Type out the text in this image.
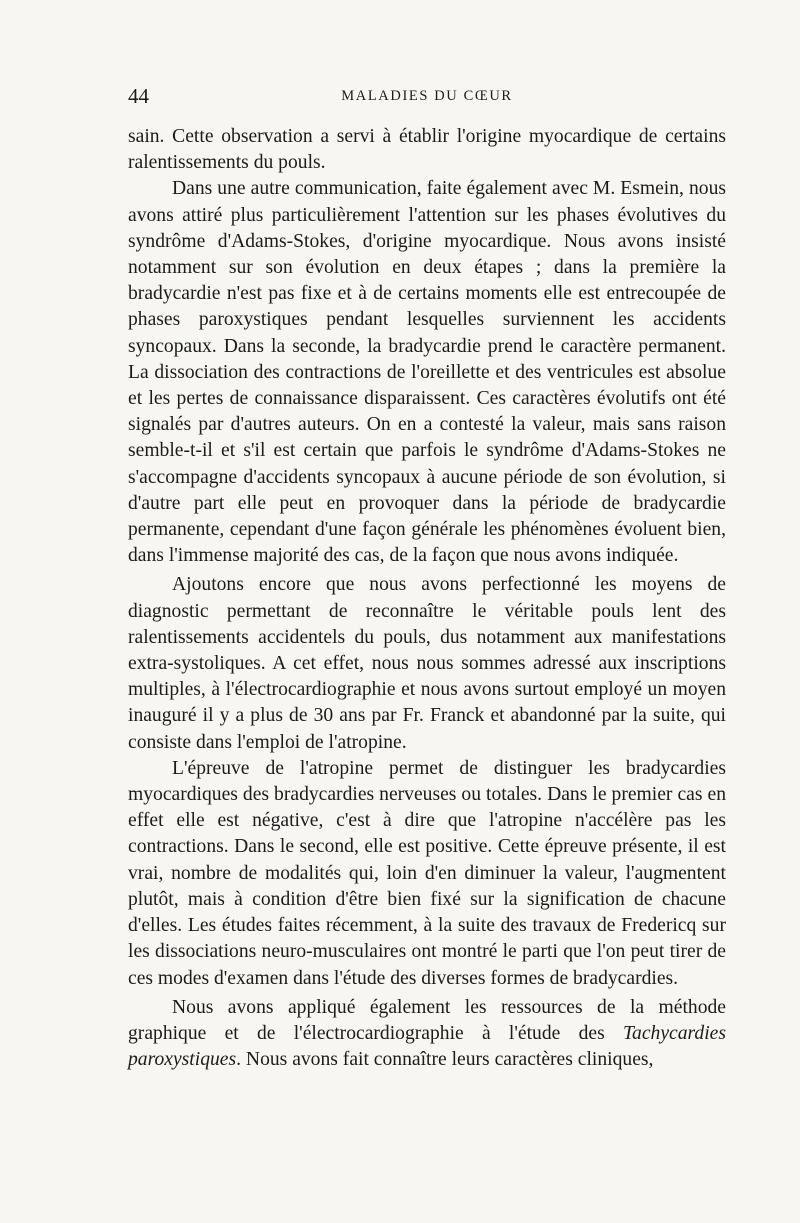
44	MALADIES DU CŒUR

sain. Cette observation a servi à établir l'origine myocardique de certains ralentissements du pouls.

Dans une autre communication, faite également avec M. Esmein, nous avons attiré plus particulièrement l'attention sur les phases évolutives du syndrôme d'Adams-Stokes, d'origine myocardique. Nous avons insisté notamment sur son évolution en deux étapes ; dans la première la bradycardie n'est pas fixe et à de certains moments elle est entrecoupée de phases paroxystiques pendant lesquelles surviennent les accidents syncopaux. Dans la seconde, la bradycardie prend le caractère permanent. La dissociation des contractions de l'oreillette et des ventricules est absolue et les pertes de connaissance disparaissent. Ces caractères évolutifs ont été signalés par d'autres auteurs. On en a contesté la valeur, mais sans raison semble-t-il et s'il est certain que parfois le syndrôme d'Adams-Stokes ne s'accompagne d'accidents syncopaux à aucune période de son évolution, si d'autre part elle peut en provoquer dans la période de bradycardie permanente, cependant d'une façon générale les phénomènes évoluent bien, dans l'immense majorité des cas, de la façon que nous avons indiquée.

Ajoutons encore que nous avons perfectionné les moyens de diagnostic permettant de reconnaître le véritable pouls lent des ralentissements accidentels du pouls, dus notamment aux manifestations extra-systoliques. A cet effet, nous nous sommes adressé aux inscriptions multiples, à l'électrocardiographie et nous avons surtout employé un moyen inauguré il y a plus de 30 ans par Fr. Franck et abandonné par la suite, qui consiste dans l'emploi de l'atropine.

L'épreuve de l'atropine permet de distinguer les bradycardies myocardiques des bradycardies nerveuses ou totales. Dans le premier cas en effet elle est négative, c'est à dire que l'atropine n'accélère pas les contractions. Dans le second, elle est positive. Cette épreuve présente, il est vrai, nombre de modalités qui, loin d'en diminuer la valeur, l'augmentent plutôt, mais à condition d'être bien fixé sur la signification de chacune d'elles. Les études faites récemment, à la suite des travaux de Fredericq sur les dissociations neuro-musculaires ont montré le parti que l'on peut tirer de ces modes d'examen dans l'étude des diverses formes de bradycardies.

Nous avons appliqué également les ressources de la méthode graphique et de l'électrocardiographie à l'étude des Tachycardies paroxystiques. Nous avons fait connaître leurs caractères cliniques,
